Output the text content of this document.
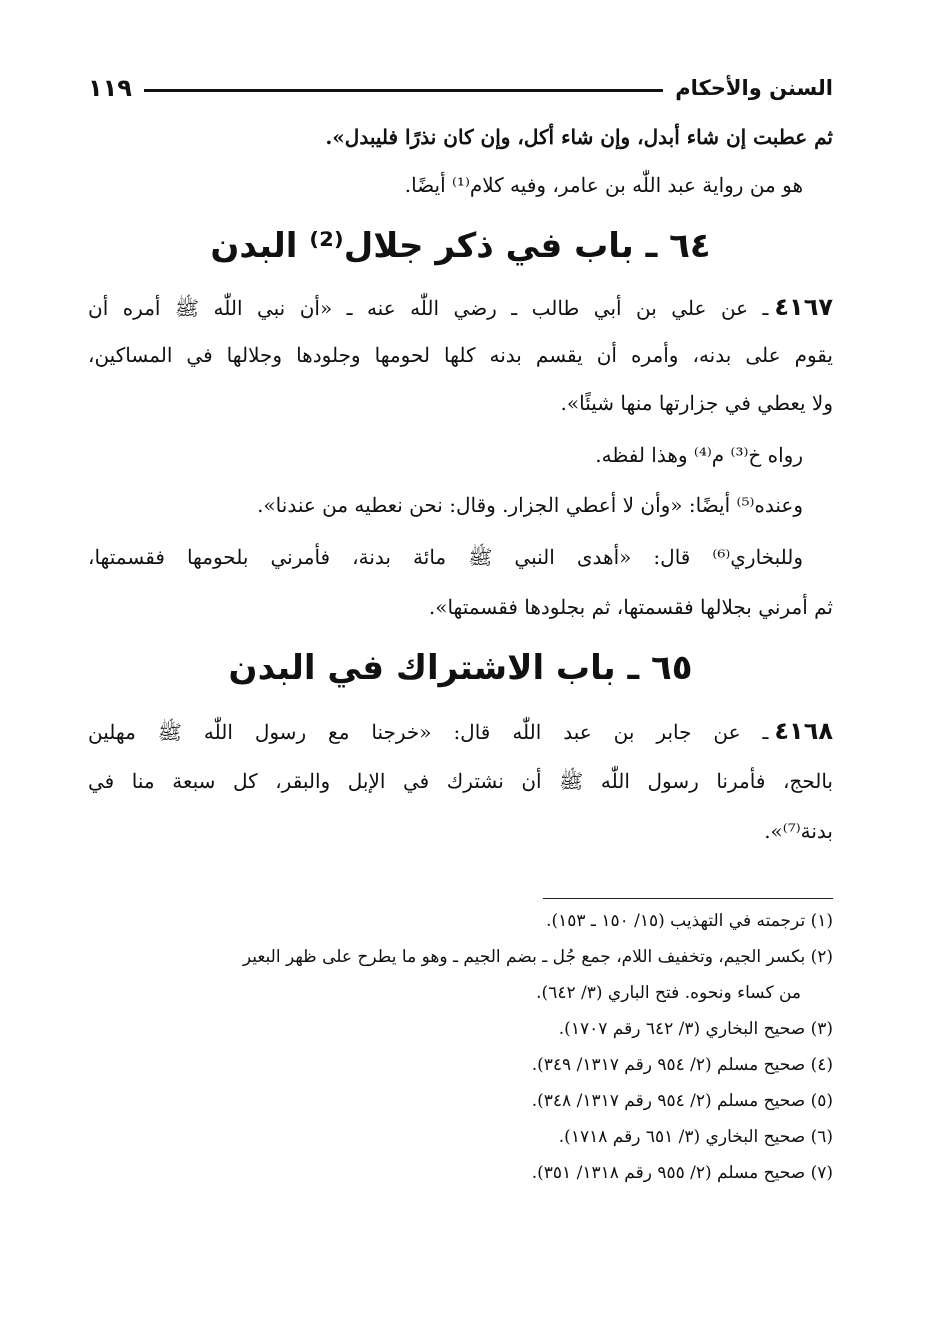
السنن والأحكام
١١٩
ثم عطبت إن شاء أبدل، وإن شاء أكل، وإن كان نذرًا فليبدل».
هو من رواية عبد اللّٰه بن عامر، وفيه كلام⁽¹⁾ أيضًا.
٦٤ ـ باب في ذكر جلال⁽²⁾ البدن
٤١٦٧ـ عن علي بن أبي طالب ـ رضي اللّٰه عنه ـ «أن نبي اللّٰه ﷺ أمره أن
يقوم على بدنه، وأمره أن يقسم بدنه كلها لحومها وجلودها وجلالها في المساكين،
ولا يعطي في جزارتها منها شيئًا».
رواه خ⁽³⁾ م⁽⁴⁾ وهذا لفظه.
وعنده⁽⁵⁾ أيضًا: «وأن لا أعطي الجزار. وقال: نحن نعطيه من عندنا».
وللبخاري⁽⁶⁾ قال: «أهدى النبي ﷺ مائة بدنة، فأمرني بلحومها فقسمتها،
ثم أمرني بجلالها فقسمتها، ثم بجلودها فقسمتها».
٦٥ ـ باب الاشتراك في البدن
٤١٦٨ـ عن جابر بن عبد اللّٰه قال: «خرجنا مع رسول اللّٰه ﷺ مهلين
بالحج، فأمرنا رسول اللّٰه ﷺ أن نشترك في الإبل والبقر، كل سبعة منا في
بدنة⁽⁷⁾».
(١) ترجمته في التهذيب (١٥/ ١٥٠ ـ ١٥٣).
(٢) بكسر الجيم، وتخفيف اللام، جمع جُل ـ بضم الجيم ـ وهو ما يطرح على ظهر البعير
من كساء ونحوه. فتح الباري (٣/ ٦٤٢).
(٣) صحيح البخاري (٣/ ٦٤٢ رقم ١٧٠٧).
(٤) صحيح مسلم (٢/ ٩٥٤ رقم ١٣١٧/ ٣٤٩).
(٥) صحيح مسلم (٢/ ٩٥٤ رقم ١٣١٧/ ٣٤٨).
(٦) صحيح البخاري (٣/ ٦٥١ رقم ١٧١٨).
(٧) صحيح مسلم (٢/ ٩٥٥ رقم ١٣١٨/ ٣٥١).
